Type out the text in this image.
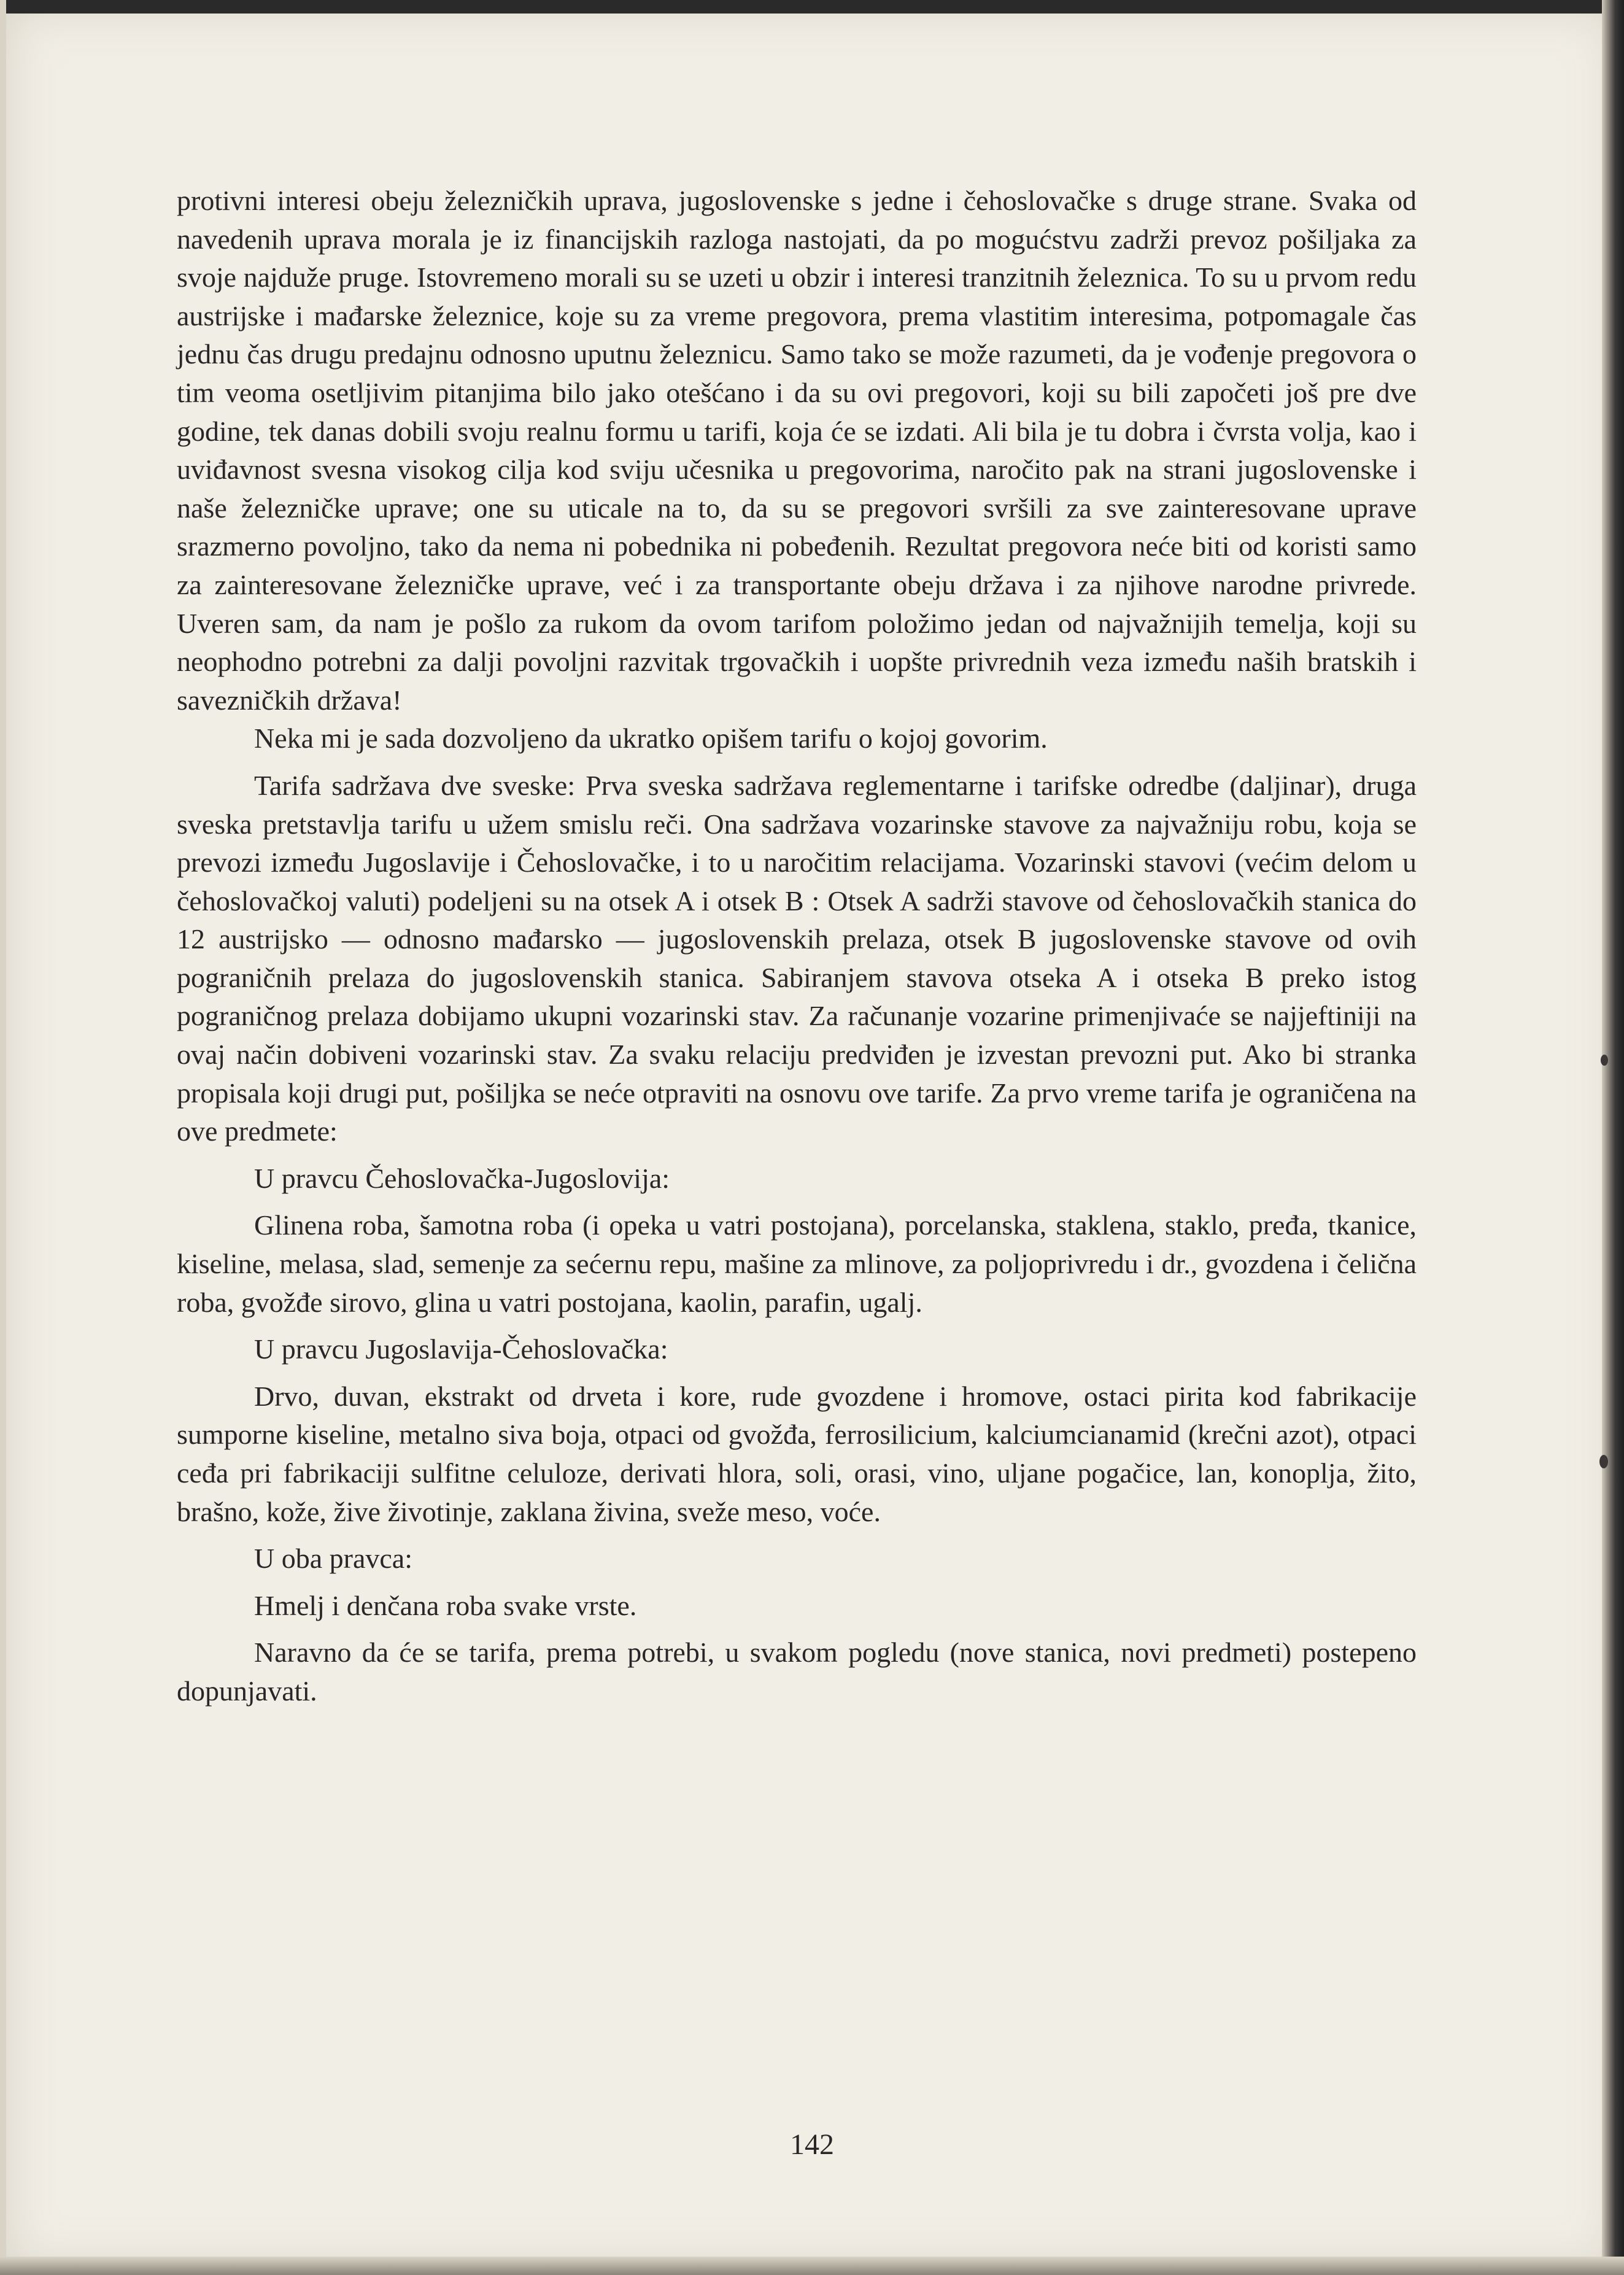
protivni interesi obeju železničkih uprava, jugoslovenske s jedne i čehoslovačke s druge strane. Svaka od navedenih uprava morala je iz financijskih razloga nastojati, da po mogućstvu zadrži prevoz pošiljaka za svoje najduže pruge. Istovremeno morali su se uzeti u obzir i interesi tranzitnih železnica. To su u prvom redu austrijske i mađarske železnice, koje su za vreme pregovora, prema vlastitim interesima, potpomagale čas jednu čas drugu predajnu odnosno uputnu železnicu. Samo tako se može razumeti, da je vođenje pregovora o tim veoma osetljivim pitanjima bilo jako otešćano i da su ovi pregovori, koji su bili započeti još pre dve godine, tek danas dobili svoju realnu formu u tarifi, koja će se izdati. Ali bila je tu dobra i čvrsta volja, kao i uviđavnost svesna visokog cilja kod sviju učesnika u pregovorima, naročito pak na strani jugoslovenske i naše železničke uprave; one su uticale na to, da su se pregovori svršili za sve zainteresovane uprave srazmerno povoljno, tako da nema ni pobednika ni pobeđenih. Rezultat pregovora neće biti od koristi samo za zainteresovane železničke uprave, već i za transportante obeju država i za njihove narodne privrede. Uveren sam, da nam je pošlo za rukom da ovom tarifom položimo jedan od najvažnijih temelja, koji su neophodno potrebni za dalji povoljni razvitak trgovačkih i uopšte privrednih veza između naših bratskih i savezničkih država!

Neka mi je sada dozvoljeno da ukratko opišem tarifu o kojoj govorim.

Tarifa sadržava dve sveske: Prva sveska sadržava reglementarne i tarifske odredbe (daljinar), druga sveska pretstavlja tarifu u užem smislu reči. Ona sadržava vozarinske stavove za najvažniju robu, koja se prevozi između Jugoslavije i Čehoslovačke, i to u naročitim relacijama. Vozarinski stavovi (većim delom u čehoslovačkoj valuti) podeljeni su na otsek A i otsek B : Otsek A sadrži stavove od čehoslovačkih stanica do 12 austrijsko — odnosno mađarsko — jugoslovenskih prelaza, otsek B jugoslovenske stavove od ovih pograničnih prelaza do jugoslovenskih stanica. Sabiranjem stavova otseka A i otseka B preko istog pograničnog prelaza dobijamo ukupni vozarinski stav. Za računanje vozarine primenjivaće se najjeftiniji na ovaj način dobiveni vozarinski stav. Za svaku relaciju predviđen je izvestan prevozni put. Ako bi stranka propisala koji drugi put, pošiljka se neće otpraviti na osnovu ove tarife. Za prvo vreme tarifa je ograničena na ove predmete:

U pravcu Čehoslovačka-Jugoslovija:

Glinena roba, šamotna roba (i opeka u vatri postojana), porcelanska, staklena, staklo, pređa, tkanice, kiseline, melasa, slad, semenje za sećernu repu, mašine za mlinove, za poljoprivredu i dr., gvozdena i čelična roba, gvožđe sirovo, glina u vatri postojana, kaolin, parafin, ugalj.

U pravcu Jugoslavija-Čehoslovačka:

Drvo, duvan, ekstrakt od drveta i kore, rude gvozdene i hromove, ostaci pirita kod fabrikacije sumporne kiseline, metalno siva boja, otpaci od gvožđa, ferrosilicium, kalciumcianamid (krečni azot), otpaci ceđa pri fabrikaciji sulfitne celuloze, derivati hlora, soli, orasi, vino, uljane pogačice, lan, konoplja, žito, brašno, kože, žive životinje, zaklana živina, sveže meso, voće.

U oba pravca:

Hmelj i denčana roba svake vrste.

Naravno da će se tarifa, prema potrebi, u svakom pogledu (nove stanica, novi predmeti) postepeno dopunjavati.

142
